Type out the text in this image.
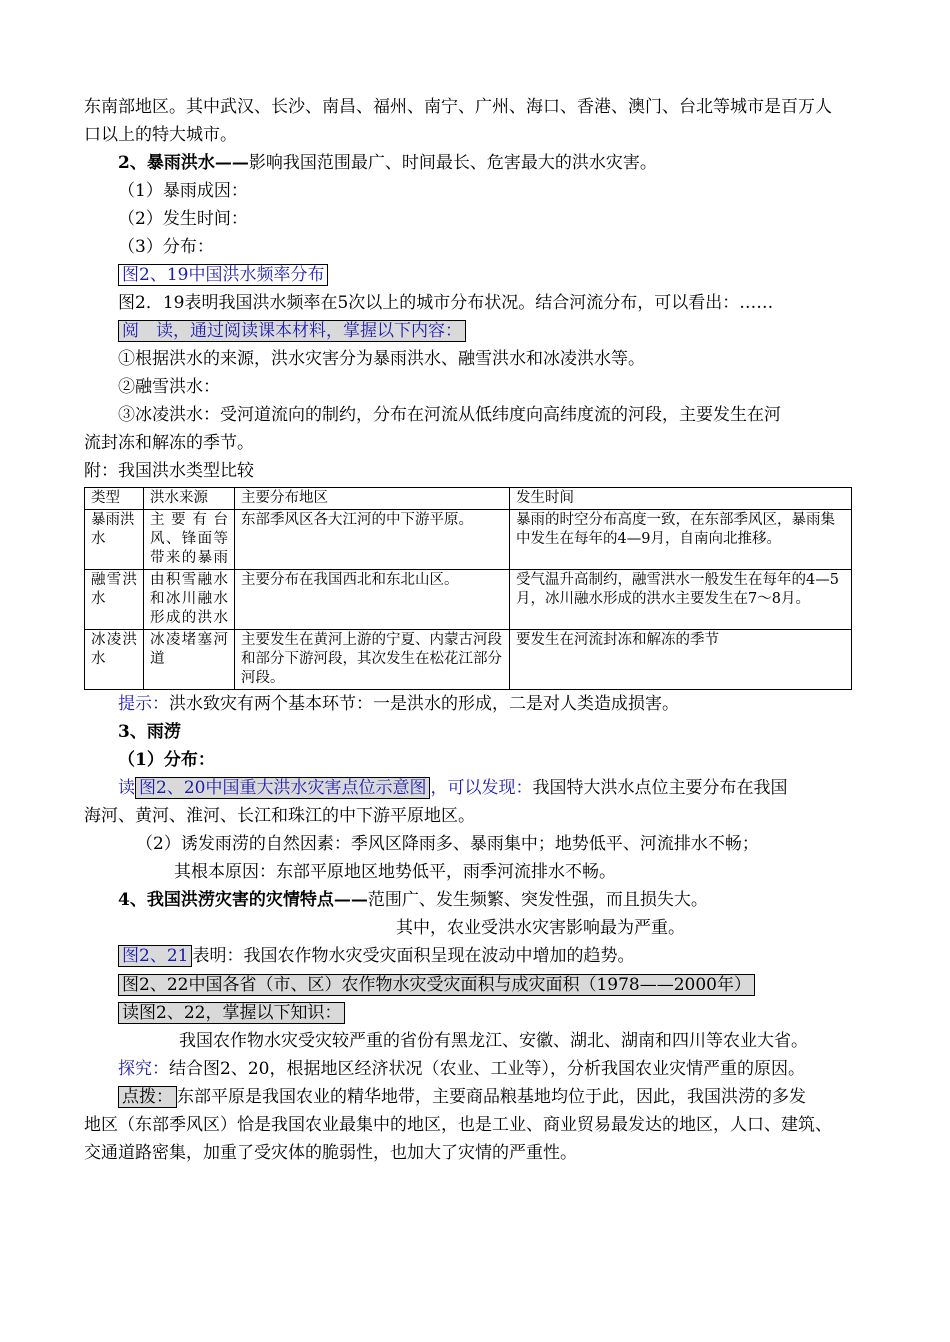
东南部地区。其中武汉、长沙、南昌、福州、南宁、广州、海口、香港、澳门、台北等城市是百万人
口以上的特大城市。

2、暴雨洪水——影响我国范围最广、时间最长、危害最大的洪水灾害。

（1）暴雨成因：

（2）发生时间：

（3）分布：

图2、19中国洪水频率分布

图2．19表明我国洪水频率在5次以上的城市分布状况。结合河流分布，可以看出：……

阅　读，通过阅读课本材料，掌握以下内容：

①根据洪水的来源，洪水灾害分为暴雨洪水、融雪洪水和冰凌洪水等。

②融雪洪水：

③冰凌洪水：受河道流向的制约，分布在河流从低纬度向高纬度流的河段，主要发生在河

流封冻和解冻的季节。

附：我国洪水类型比较

类型	洪水来源	主要分布地区	发生时间
暴雨洪水	主要有台风、锋面等带来的暴雨	东部季风区各大江河的中下游平原。	暴雨的时空分布高度一致，在东部季风区，暴雨集中发生在每年的4—9月，自南向北推移。
融雪洪水	由积雪融水和冰川融水形成的洪水	主要分布在我国西北和东北山区。	受气温升高制约，融雪洪水一般发生在每年的4—5月，冰川融水形成的洪水主要发生在7～8月。
冰凌洪水	冰凌堵塞河道	主要发生在黄河上游的宁夏、内蒙古河段和部分下游河段，其次发生在松花江部分河段。	要发生在河流封冻和解冻的季节

提示：洪水致灾有两个基本环节：一是洪水的形成，二是对人类造成损害。

3、雨涝

（1）分布：

读 图2、20中国重大洪水灾害点位示意图 ，可以发现：我国特大洪水点位主要分布在我国

海河、黄河、淮河、长江和珠江的中下游平原地区。

（2）诱发雨涝的自然因素：季风区降雨多、暴雨集中；地势低平、河流排水不畅；

其根本原因：东部平原地区地势低平，雨季河流排水不畅。

4、我国洪涝灾害的灾情特点——范围广、发生频繁、突发性强，而且损失大。

其中，农业受洪水灾害影响最为严重。

图2、21 表明：我国农作物水灾受灾面积呈现在波动中增加的趋势。

图2、22中国各省（市、区）农作物水灾受灾面积与成灾面积（1978——2000年）

读图2、22，掌握以下知识：

我国农作物水灾受灾较严重的省份有黑龙江、安徽、湖北、湖南和四川等农业大省。

探究：结合图2、20，根据地区经济状况（农业、工业等），分析我国农业灾情严重的原因。

点拨： 东部平原是我国农业的精华地带，主要商品粮基地均位于此，因此，我国洪涝的多发

地区（东部季风区）恰是我国农业最集中的地区，也是工业、商业贸易最发达的地区，人口、建筑、

交通道路密集，加重了受灾体的脆弱性，也加大了灾情的严重性。
